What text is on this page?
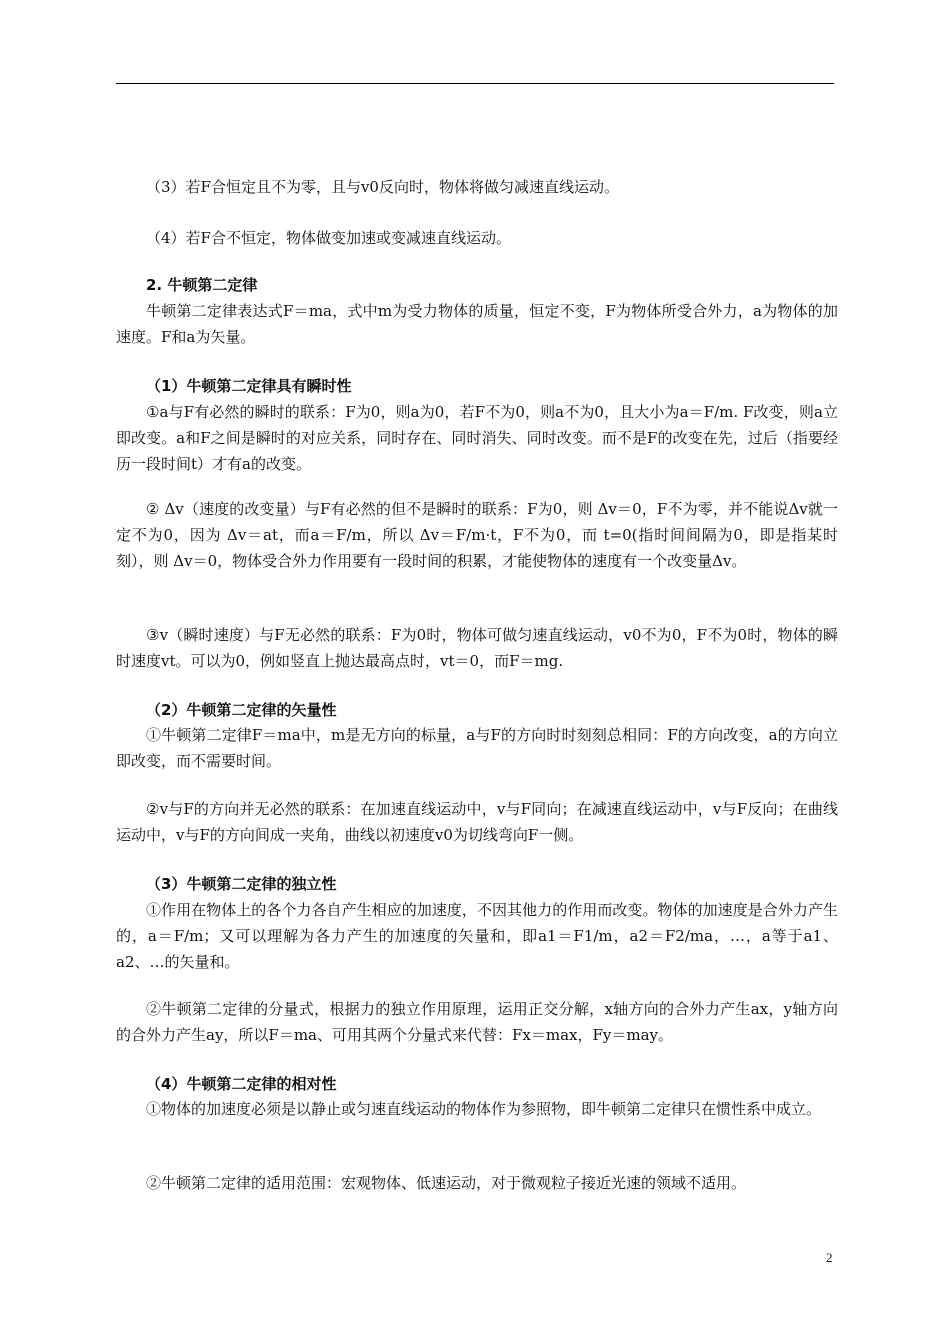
（3）若F合恒定且不为零，且与v0反向时，物体将做匀减速直线运动。
（4）若F合不恒定，物体做变加速或变减速直线运动。
2. 牛顿第二定律
牛顿第二定律表达式F＝ma，式中m为受力物体的质量，恒定不变，F为物体所受合外力，a为物体的加速度。F和a为矢量。
（1）牛顿第二定律具有瞬时性
①a与F有必然的瞬时的联系：F为0，则a为0，若F不为0，则a不为0，且大小为a＝F/m. F改变，则a立即改变。a和F之间是瞬时的对应关系，同时存在、同时消失、同时改变。而不是F的改变在先，过后（指要经历一段时间t）才有a的改变。
② Δv（速度的改变量）与F有必然的但不是瞬时的联系：F为0，则 Δv＝0，F不为零，并不能说Δv就一定不为0，因为 Δv＝at，而a＝F/m，所以 Δv＝F/m·t，F不为0，而 t=0(指时间间隔为0，即是指某时刻），则 Δv＝0，物体受合外力作用要有一段时间的积累，才能使物体的速度有一个改变量Δv。
③v（瞬时速度）与F无必然的联系：F为0时，物体可做匀速直线运动，v0不为0，F不为0时，物体的瞬时速度vt。可以为0，例如竖直上抛达最高点时，vt＝0，而F＝mg.
（2）牛顿第二定律的矢量性
①牛顿第二定律F＝ma中，m是无方向的标量，a与F的方向时时刻刻总相同：F的方向改变，a的方向立即改变，而不需要时间。
②v与F的方向并无必然的联系：在加速直线运动中，v与F同向；在减速直线运动中，v与F反向；在曲线运动中，v与F的方向间成一夹角，曲线以初速度v0为切线弯向F一侧。
（3）牛顿第二定律的独立性
①作用在物体上的各个力各自产生相应的加速度，不因其他力的作用而改变。物体的加速度是合外力产生的，a＝F/m；又可以理解为各力产生的加速度的矢量和，即a1＝F1/m，a2＝F2/ma，…，a等于a1、a2、…的矢量和。
②牛顿第二定律的分量式，根据力的独立作用原理，运用正交分解，x轴方向的合外力产生ax，y轴方向的合外力产生ay，所以F＝ma、可用其两个分量式来代替：Fx＝max，Fy＝may。
（4）牛顿第二定律的相对性
①物体的加速度必须是以静止或匀速直线运动的物体作为参照物，即牛顿第二定律只在惯性系中成立。
②牛顿第二定律的适用范围：宏观物体、低速运动，对于微观粒子接近光速的领域不适用。
2
